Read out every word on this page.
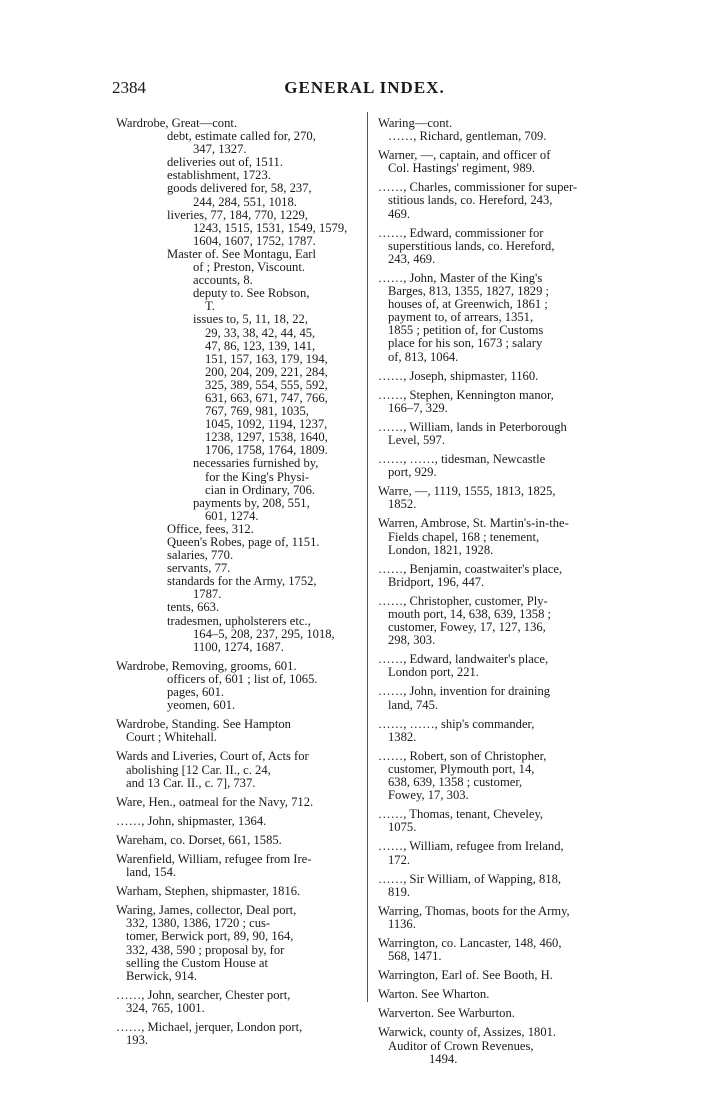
2384	GENERAL INDEX.
Wardrobe, Great—cont.
debt, estimate called for, 270,
347, 1327.
deliveries out of, 1511.
establishment, 1723.
goods delivered for, 58, 237,
244, 284, 551, 1018.
liveries, 77, 184, 770, 1229,
1243, 1515, 1531, 1549, 1579,
1604, 1607, 1752, 1787.
Master of. See Montagu, Earl
of ; Preston, Viscount.
accounts, 8.
deputy to. See Robson,
T.
issues to, 5, 11, 18, 22,
29, 33, 38, 42, 44, 45,
47, 86, 123, 139, 141,
151, 157, 163, 179, 194,
200, 204, 209, 221, 284,
325, 389, 554, 555, 592,
631, 663, 671, 747, 766,
767, 769, 981, 1035,
1045, 1092, 1194, 1237,
1238, 1297, 1538, 1640,
1706, 1758, 1764, 1809.
necessaries furnished by,
for the King's Physi-
cian in Ordinary, 706.
payments by, 208, 551,
601, 1274.
Office, fees, 312.
Queen's Robes, page of, 1151.
salaries, 770.
servants, 77.
standards for the Army, 1752,
1787.
tents, 663.
tradesmen, upholsterers etc.,
164–5, 208, 237, 295, 1018,
1100, 1274, 1687.
Wardrobe, Removing, grooms, 601.
officers of, 601 ; list of, 1065.
pages, 601.
yeomen, 601.
Wardrobe, Standing. See Hampton
Court ; Whitehall.
Wards and Liveries, Court of, Acts for
abolishing [12 Car. II., c. 24,
and 13 Car. II., c. 7], 737.
Ware, Hen., oatmeal for the Navy, 712.
……, John, shipmaster, 1364.
Wareham, co. Dorset, 661, 1585.
Warenfield, William, refugee from Ire-
land, 154.
Warham, Stephen, shipmaster, 1816.
Waring, James, collector, Deal port,
332, 1380, 1386, 1720 ; cus-
tomer, Berwick port, 89, 90, 164,
332, 438, 590 ; proposal by, for
selling the Custom House at
Berwick, 914.
……, John, searcher, Chester port,
324, 765, 1001.
……, Michael, jerquer, London port,
193.
Waring—cont.
……, Richard, gentleman, 709.
Warner, —, captain, and officer of
Col. Hastings' regiment, 989.
……, Charles, commissioner for super-
stitious lands, co. Hereford, 243,
469.
……, Edward, commissioner for
superstitious lands, co. Hereford,
243, 469.
……, John, Master of the King's
Barges, 813, 1355, 1827, 1829 ;
houses of, at Greenwich, 1861 ;
payment to, of arrears, 1351,
1855 ; petition of, for Customs
place for his son, 1673 ; salary
of, 813, 1064.
……, Joseph, shipmaster, 1160.
……, Stephen, Kennington manor,
166–7, 329.
……, William, lands in Peterborough
Level, 597.
……, ……, tidesman, Newcastle
port, 929.
Warre, —, 1119, 1555, 1813, 1825,
1852.
Warren, Ambrose, St. Martin's-in-the-
Fields chapel, 168 ; tenement,
London, 1821, 1928.
……, Benjamin, coastwaiter's place,
Bridport, 196, 447.
……, Christopher, customer, Ply-
mouth port, 14, 638, 639, 1358 ;
customer, Fowey, 17, 127, 136,
298, 303.
……, Edward, landwaiter's place,
London port, 221.
……, John, invention for draining
land, 745.
……, ……, ship's commander,
1382.
……, Robert, son of Christopher,
customer, Plymouth port, 14,
638, 639, 1358 ; customer,
Fowey, 17, 303.
……, Thomas, tenant, Cheveley,
1075.
……, William, refugee from Ireland,
172.
……, Sir William, of Wapping, 818,
819.
Warring, Thomas, boots for the Army,
1136.
Warrington, co. Lancaster, 148, 460,
568, 1471.
Warrington, Earl of. See Booth, H.
Warton. See Wharton.
Warverton. See Warburton.
Warwick, county of, Assizes, 1801.
Auditor of Crown Revenues,
1494.
